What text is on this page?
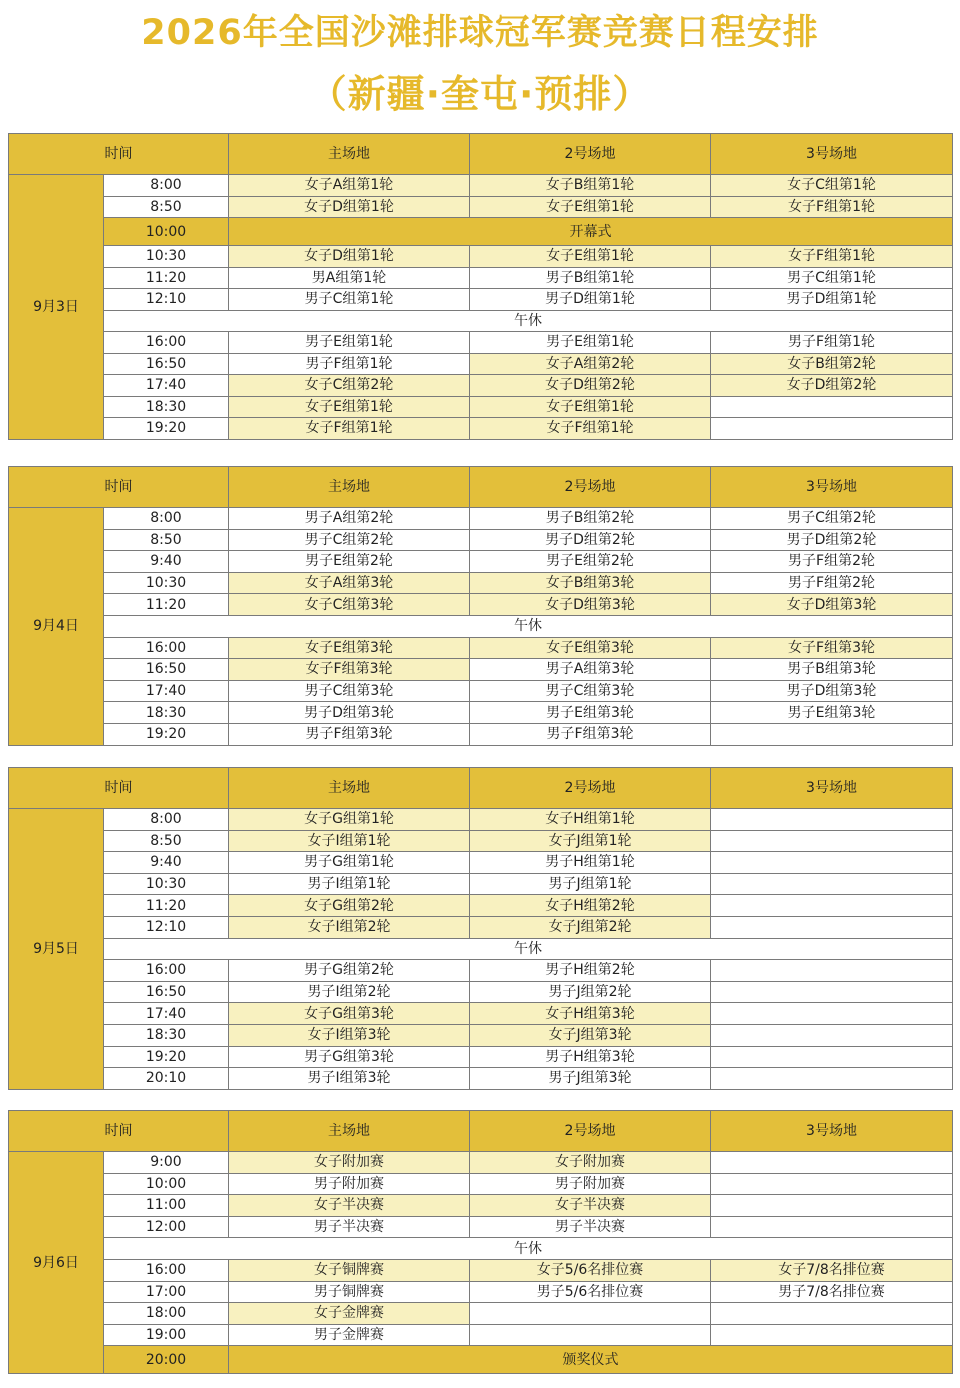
2026年全国沙滩排球冠军赛竞赛日程安排
（新疆·奎屯·预排）
时间		主场地	2号场地	3号场地
9月3日	8:00	女子A组第1轮	女子B组第1轮	女子C组第1轮
	8:50	女子D组第1轮	女子E组第1轮	女子F组第1轮
	10:00	开幕式		
	10:30	女子D组第1轮	女子E组第1轮	女子F组第1轮
	11:20	男A组第1轮	男子B组第1轮	男子C组第1轮
	12:10	男子C组第1轮	男子D组第1轮	男子D组第1轮
	午休			
	16:00	男子E组第1轮	男子E组第1轮	男子F组第1轮
	16:50	男子F组第1轮	女子A组第2轮	女子B组第2轮
	17:40	女子C组第2轮	女子D组第2轮	女子D组第2轮
	18:30	女子E组第1轮	女子E组第1轮	
	19:20	女子F组第1轮	女子F组第1轮	
时间		主场地	2号场地	3号场地
9月4日	8:00	男子A组第2轮	男子B组第2轮	男子C组第2轮
	8:50	男子C组第2轮	男子D组第2轮	男子D组第2轮
	9:40	男子E组第2轮	男子E组第2轮	男子F组第2轮
	10:30	女子A组第3轮	女子B组第3轮	男子F组第2轮
	11:20	女子C组第3轮	女子D组第3轮	女子D组第3轮
	午休			
	16:00	女子E组第3轮	女子E组第3轮	女子F组第3轮
	16:50	女子F组第3轮	男子A组第3轮	男子B组第3轮
	17:40	男子C组第3轮	男子C组第3轮	男子D组第3轮
	18:30	男子D组第3轮	男子E组第3轮	男子E组第3轮
	19:20	男子F组第3轮	男子F组第3轮	
时间		主场地	2号场地	3号场地
9月5日	8:00	女子G组第1轮	女子H组第1轮	
	8:50	女子I组第1轮	女子J组第1轮	
	9:40	男子G组第1轮	男子H组第1轮	
	10:30	男子I组第1轮	男子J组第1轮	
	11:20	女子G组第2轮	女子H组第2轮	
	12:10	女子I组第2轮	女子J组第2轮	
	午休			
	16:00	男子G组第2轮	男子H组第2轮	
	16:50	男子I组第2轮	男子J组第2轮	
	17:40	女子G组第3轮	女子H组第3轮	
	18:30	女子I组第3轮	女子J组第3轮	
	19:20	男子G组第3轮	男子H组第3轮	
	20:10	男子I组第3轮	男子J组第3轮	
时间		主场地	2号场地	3号场地
9月6日	9:00	女子附加赛	女子附加赛	
	10:00	男子附加赛	男子附加赛	
	11:00	女子半决赛	女子半决赛	
	12:00	男子半决赛	男子半决赛	
	午休			
	16:00	女子铜牌赛	女子5/6名排位赛	女子7/8名排位赛
	17:00	男子铜牌赛	男子5/6名排位赛	男子7/8名排位赛
	18:00	女子金牌赛		
	19:00	男子金牌赛		
	20:00	颁奖仪式		
